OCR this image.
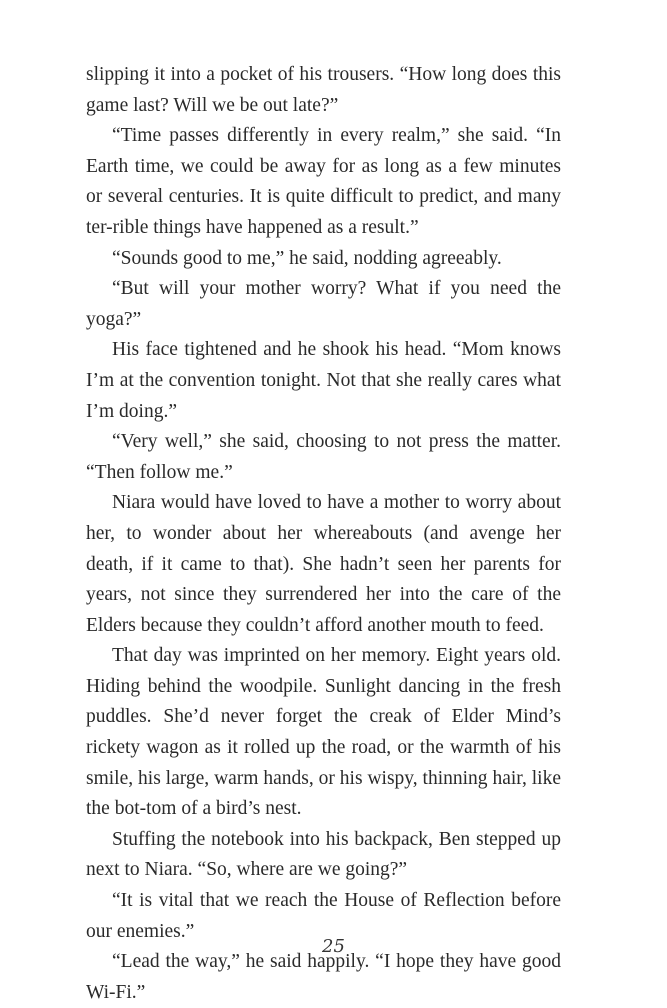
slipping it into a pocket of his trousers. “How long does this game last? Will we be out late?”

“Time passes differently in every realm,” she said. “In Earth time, we could be away for as long as a few minutes or several centuries. It is quite difficult to predict, and many ter-rible things have happened as a result.”

“Sounds good to me,” he said, nodding agreeably.

“But will your mother worry? What if you need the yoga?”

His face tightened and he shook his head. “Mom knows I’m at the convention tonight. Not that she really cares what I’m doing.”

“Very well,” she said, choosing to not press the matter. “Then follow me.”

Niara would have loved to have a mother to worry about her, to wonder about her whereabouts (and avenge her death, if it came to that). She hadn’t seen her parents for years, not since they surrendered her into the care of the Elders because they couldn’t afford another mouth to feed.

That day was imprinted on her memory. Eight years old. Hiding behind the woodpile. Sunlight dancing in the fresh puddles. She’d never forget the creak of Elder Mind’s rickety wagon as it rolled up the road, or the warmth of his smile, his large, warm hands, or his wispy, thinning hair, like the bot-tom of a bird’s nest.

Stuffing the notebook into his backpack, Ben stepped up next to Niara. “So, where are we going?”

“It is vital that we reach the House of Reflection before our enemies.”

“Lead the way,” he said happily. “I hope they have good Wi-Fi.”

25
